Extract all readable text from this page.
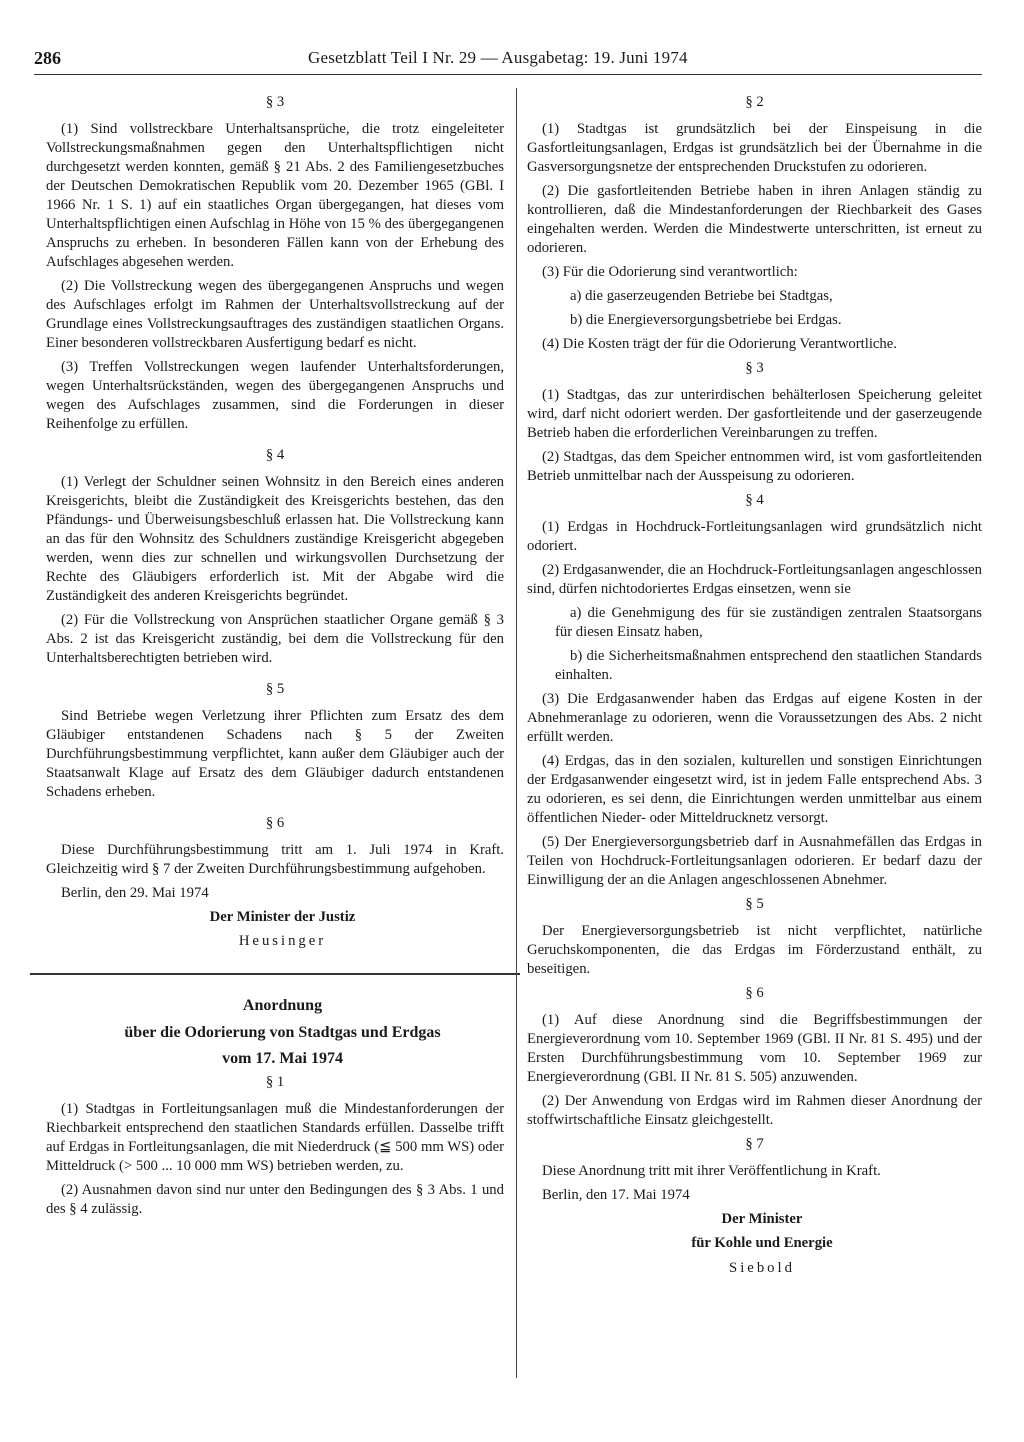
286	Gesetzblatt Teil I Nr. 29 — Ausgabetag: 19. Juni 1974
§ 3

(1) Sind vollstreckbare Unterhaltsansprüche, die trotz eingeleiteter Vollstreckungsmaßnahmen gegen den Unterhaltspflichtigen nicht durchgesetzt werden konnten, gemäß § 21 Abs. 2 des Familiengesetzbuches der Deutschen Demokratischen Republik vom 20. Dezember 1965 (GBl. I 1966 Nr. 1 S. 1) auf ein staatliches Organ übergegangen, hat dieses vom Unterhaltspflichtigen einen Aufschlag in Höhe von 15 % des übergegangenen Anspruchs zu erheben. In besonderen Fällen kann von der Erhebung des Aufschlages abgesehen werden.

(2) Die Vollstreckung wegen des übergegangenen Anspruchs und wegen des Aufschlages erfolgt im Rahmen der Unterhaltsvollstreckung auf der Grundlage eines Vollstreckungsauftrages des zuständigen staatlichen Organs. Einer besonderen vollstreckbaren Ausfertigung bedarf es nicht.

(3) Treffen Vollstreckungen wegen laufender Unterhaltsforderungen, wegen Unterhaltsrückständen, wegen des übergegangenen Anspruchs und wegen des Aufschlages zusammen, sind die Forderungen in dieser Reihenfolge zu erfüllen.

§ 4

(1) Verlegt der Schuldner seinen Wohnsitz in den Bereich eines anderen Kreisgerichts, bleibt die Zuständigkeit des Kreisgerichts bestehen, das den Pfändungs- und Überweisungsbeschluß erlassen hat. Die Vollstreckung kann an das für den Wohnsitz des Schuldners zuständige Kreisgericht abgegeben werden, wenn dies zur schnellen und wirkungsvollen Durchsetzung der Rechte des Gläubigers erforderlich ist. Mit der Abgabe wird die Zuständigkeit des anderen Kreisgerichts begründet.

(2) Für die Vollstreckung von Ansprüchen staatlicher Organe gemäß § 3 Abs. 2 ist das Kreisgericht zuständig, bei dem die Vollstreckung für den Unterhaltsberechtigten betrieben wird.

§ 5

Sind Betriebe wegen Verletzung ihrer Pflichten zum Ersatz des dem Gläubiger entstandenen Schadens nach § 5 der Zweiten Durchführungsbestimmung verpflichtet, kann außer dem Gläubiger auch der Staatsanwalt Klage auf Ersatz des dem Gläubiger dadurch entstandenen Schadens erheben.

§ 6

Diese Durchführungsbestimmung tritt am 1. Juli 1974 in Kraft. Gleichzeitig wird § 7 der Zweiten Durchführungsbestimmung aufgehoben.

Berlin, den 29. Mai 1974

Der Minister der Justiz

Heusinger

Anordnung

über die Odorierung von Stadtgas und Erdgas

vom 17. Mai 1974

§ 1

(1) Stadtgas in Fortleitungsanlagen muß die Mindestanforderungen der Riechbarkeit entsprechend den staatlichen Standards erfüllen. Dasselbe trifft auf Erdgas in Fortleitungsanlagen, die mit Niederdruck (≦ 500 mm WS) oder Mitteldruck (> 500 ... 10 000 mm WS) betrieben werden, zu.

(2) Ausnahmen davon sind nur unter den Bedingungen des § 3 Abs. 1 und des § 4 zulässig.

§ 2

(1) Stadtgas ist grundsätzlich bei der Einspeisung in die Gasfortleitungsanlagen, Erdgas ist grundsätzlich bei der Übernahme in die Gasversorgungsnetze der entsprechenden Druckstufen zu odorieren.

(2) Die gasfortleitenden Betriebe haben in ihren Anlagen ständig zu kontrollieren, daß die Mindestanforderungen der Riechbarkeit des Gases eingehalten werden. Werden die Mindestwerte unterschritten, ist erneut zu odorieren.

(3) Für die Odorierung sind verantwortlich:

a) die gaserzeugenden Betriebe bei Stadtgas,

b) die Energieversorgungsbetriebe bei Erdgas.

(4) Die Kosten trägt der für die Odorierung Verantwortliche.

§ 3

(1) Stadtgas, das zur unterirdischen behälterlosen Speicherung geleitet wird, darf nicht odoriert werden. Der gasfortleitende und der gaserzeugende Betrieb haben die erforderlichen Vereinbarungen zu treffen.

(2) Stadtgas, das dem Speicher entnommen wird, ist vom gasfortleitenden Betrieb unmittelbar nach der Ausspeisung zu odorieren.

§ 4

(1) Erdgas in Hochdruck-Fortleitungsanlagen wird grundsätzlich nicht odoriert.

(2) Erdgasanwender, die an Hochdruck-Fortleitungsanlagen angeschlossen sind, dürfen nichtodoriertes Erdgas einsetzen, wenn sie

a) die Genehmigung des für sie zuständigen zentralen Staatsorgans für diesen Einsatz haben,

b) die Sicherheitsmaßnahmen entsprechend den staatlichen Standards einhalten.

(3) Die Erdgasanwender haben das Erdgas auf eigene Kosten in der Abnehmeranlage zu odorieren, wenn die Voraussetzungen des Abs. 2 nicht erfüllt werden.

(4) Erdgas, das in den sozialen, kulturellen und sonstigen Einrichtungen der Erdgasanwender eingesetzt wird, ist in jedem Falle entsprechend Abs. 3 zu odorieren, es sei denn, die Einrichtungen werden unmittelbar aus einem öffentlichen Nieder- oder Mitteldrucknetz versorgt.

(5) Der Energieversorgungsbetrieb darf in Ausnahmefällen das Erdgas in Teilen von Hochdruck-Fortleitungsanlagen odorieren. Er bedarf dazu der Einwilligung der an die Anlagen angeschlossenen Abnehmer.

§ 5

Der Energieversorgungsbetrieb ist nicht verpflichtet, natürliche Geruchskomponenten, die das Erdgas im Förderzustand enthält, zu beseitigen.

§ 6

(1) Auf diese Anordnung sind die Begriffsbestimmungen der Energieverordnung vom 10. September 1969 (GBl. II Nr. 81 S. 495) und der Ersten Durchführungsbestimmung vom 10. September 1969 zur Energieverordnung (GBl. II Nr. 81 S. 505) anzuwenden.

(2) Der Anwendung von Erdgas wird im Rahmen dieser Anordnung der stoffwirtschaftliche Einsatz gleichgestellt.

§ 7

Diese Anordnung tritt mit ihrer Veröffentlichung in Kraft.

Berlin, den 17. Mai 1974

Der Minister

für Kohle und Energie

Siebold
